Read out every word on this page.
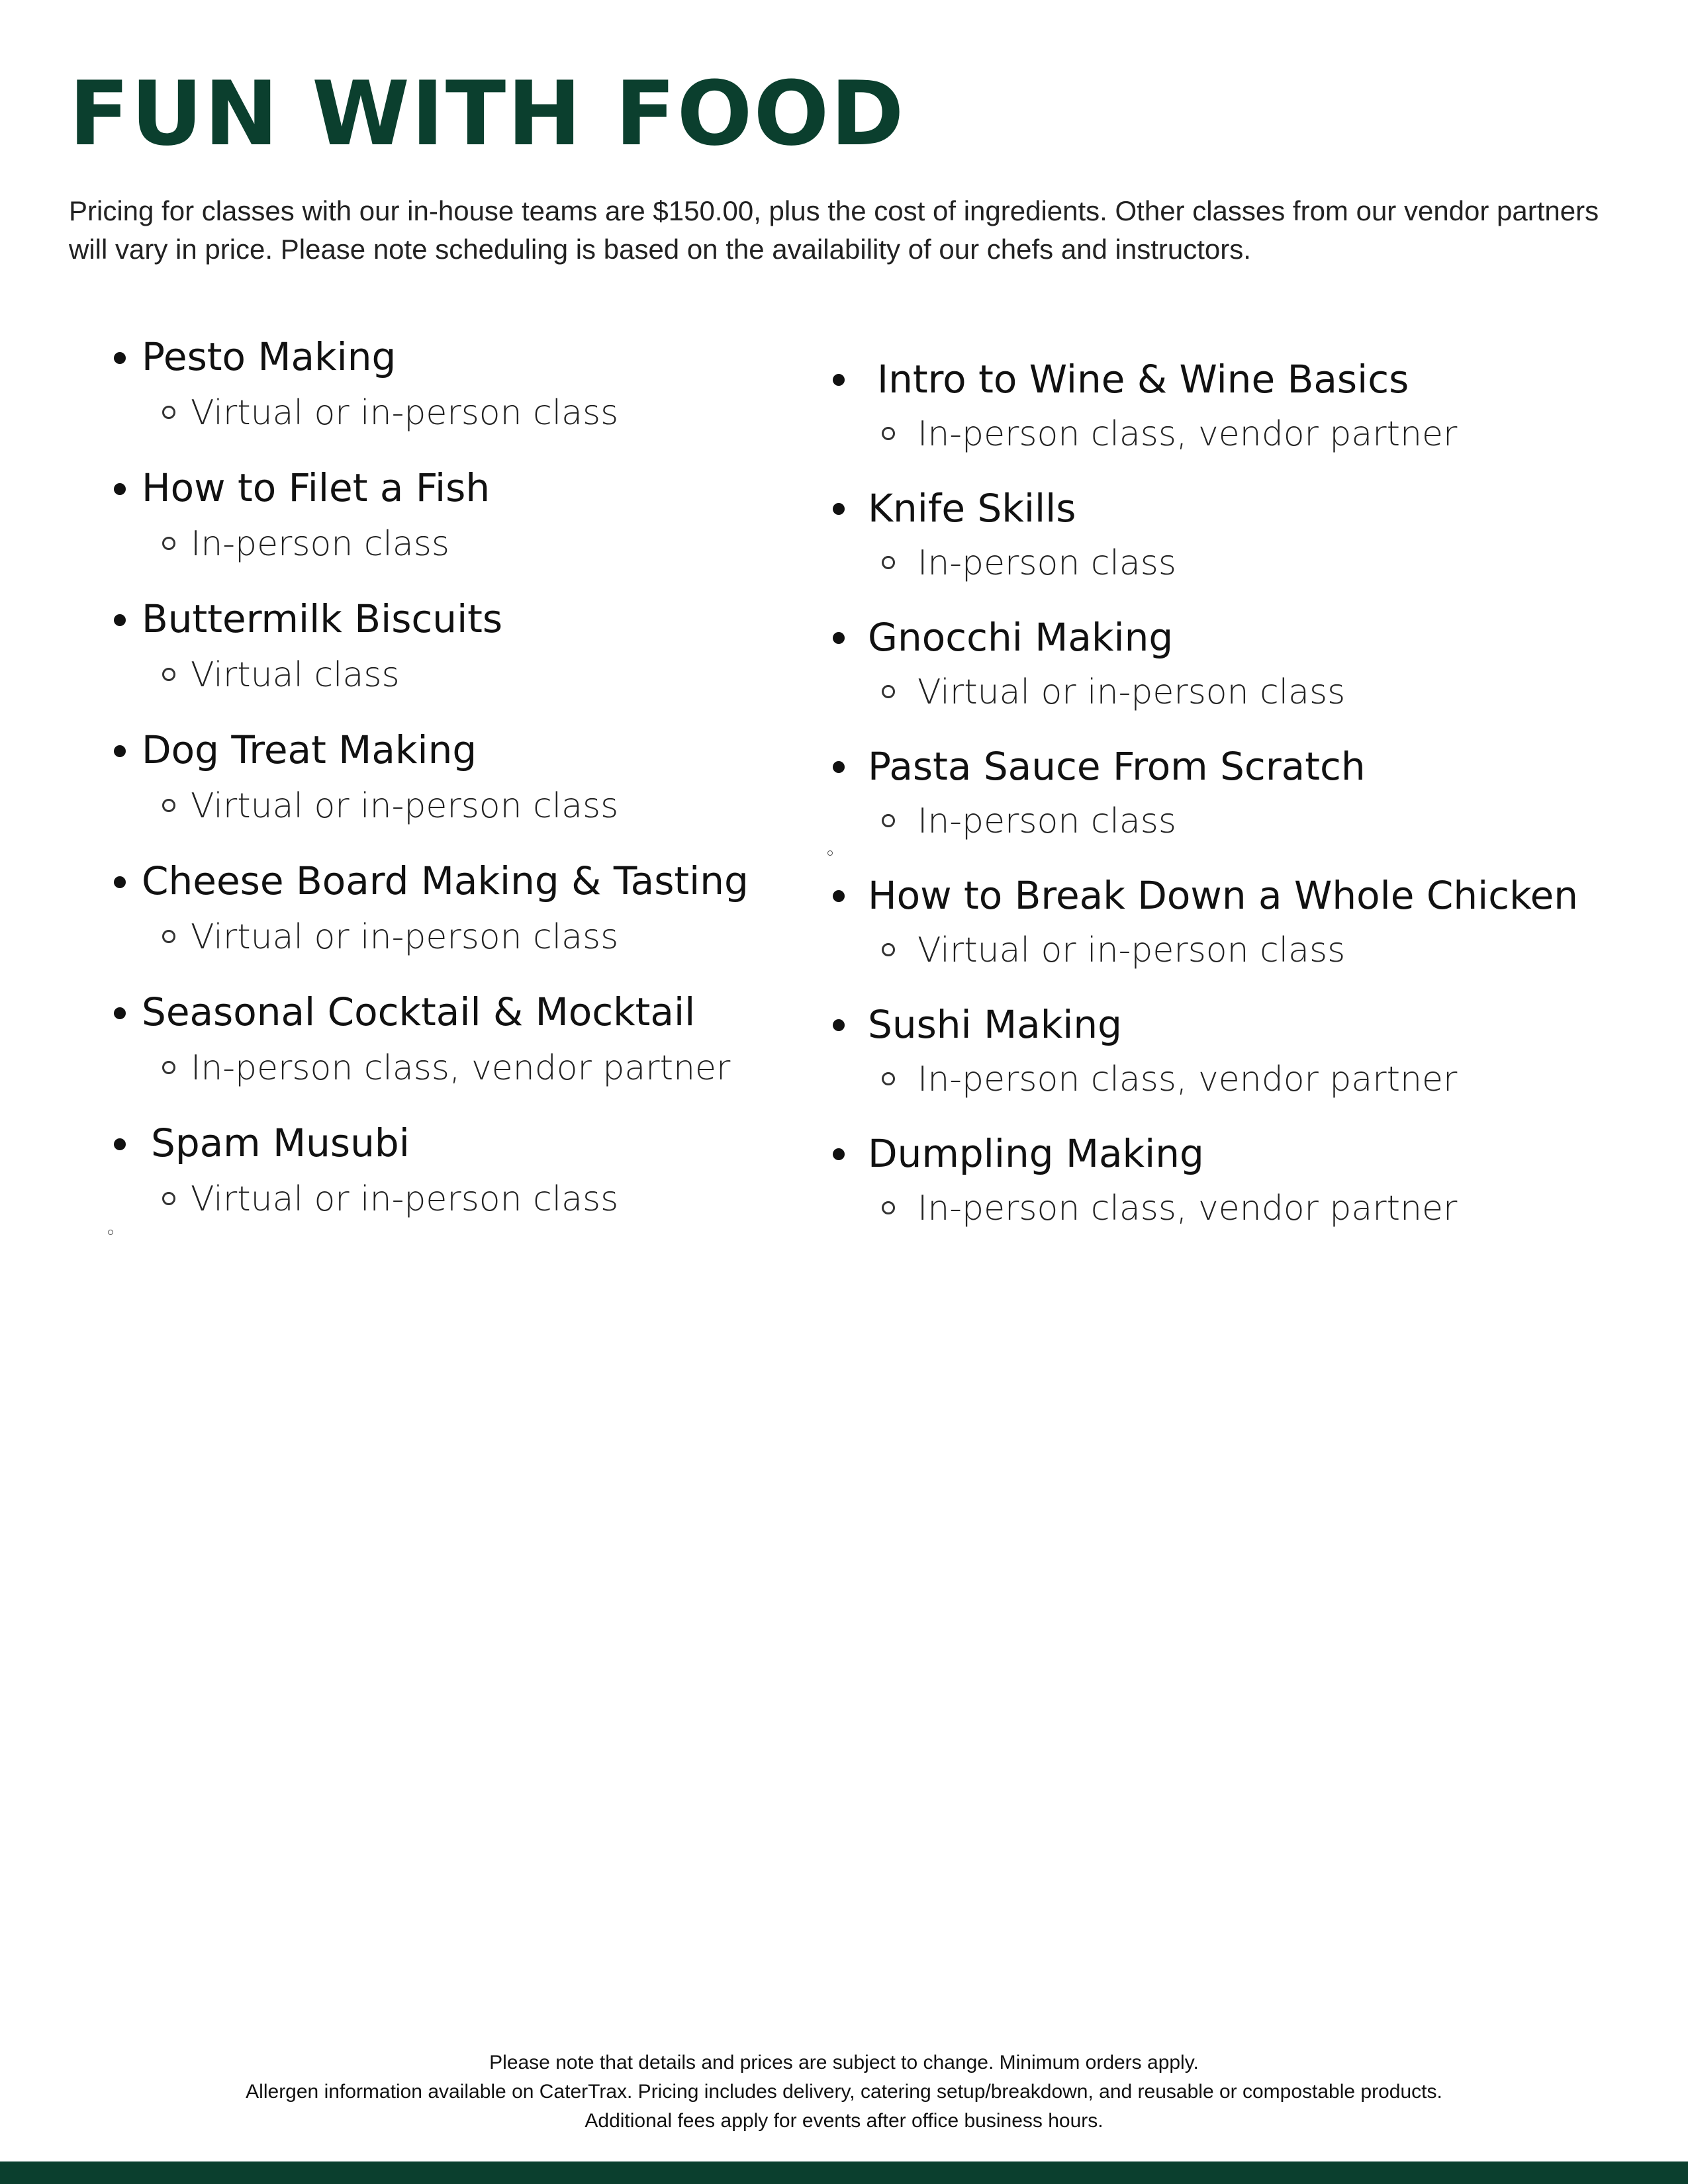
FUN WITH FOOD

Pricing for classes with our in-house teams are $150.00, plus the cost of ingredients. Other classes from our vendor partners will vary in price. Please note scheduling is based on the availability of our chefs and instructors.

Pesto Making
Virtual or in-person class
How to Filet a Fish
In-person class
Buttermilk Biscuits
Virtual class
Dog Treat Making
Virtual or in-person class
Cheese Board Making & Tasting
Virtual or in-person class
Seasonal Cocktail & Mocktail
In-person class, vendor partner
Spam Musubi
Virtual or in-person class
Intro to Wine & Wine Basics
In-person class, vendor partner
Knife Skills
In-person class
Gnocchi Making
Virtual or in-person class
Pasta Sauce From Scratch
In-person class
How to Break Down a Whole Chicken
Virtual or in-person class
Sushi Making
In-person class, vendor partner
Dumpling Making
In-person class, vendor partner
Please note that details and prices are subject to change. Minimum orders apply.
Allergen information available on CaterTrax. Pricing includes delivery, catering setup/breakdown, and reusable or compostable products.
Additional fees apply for events after office business hours.
